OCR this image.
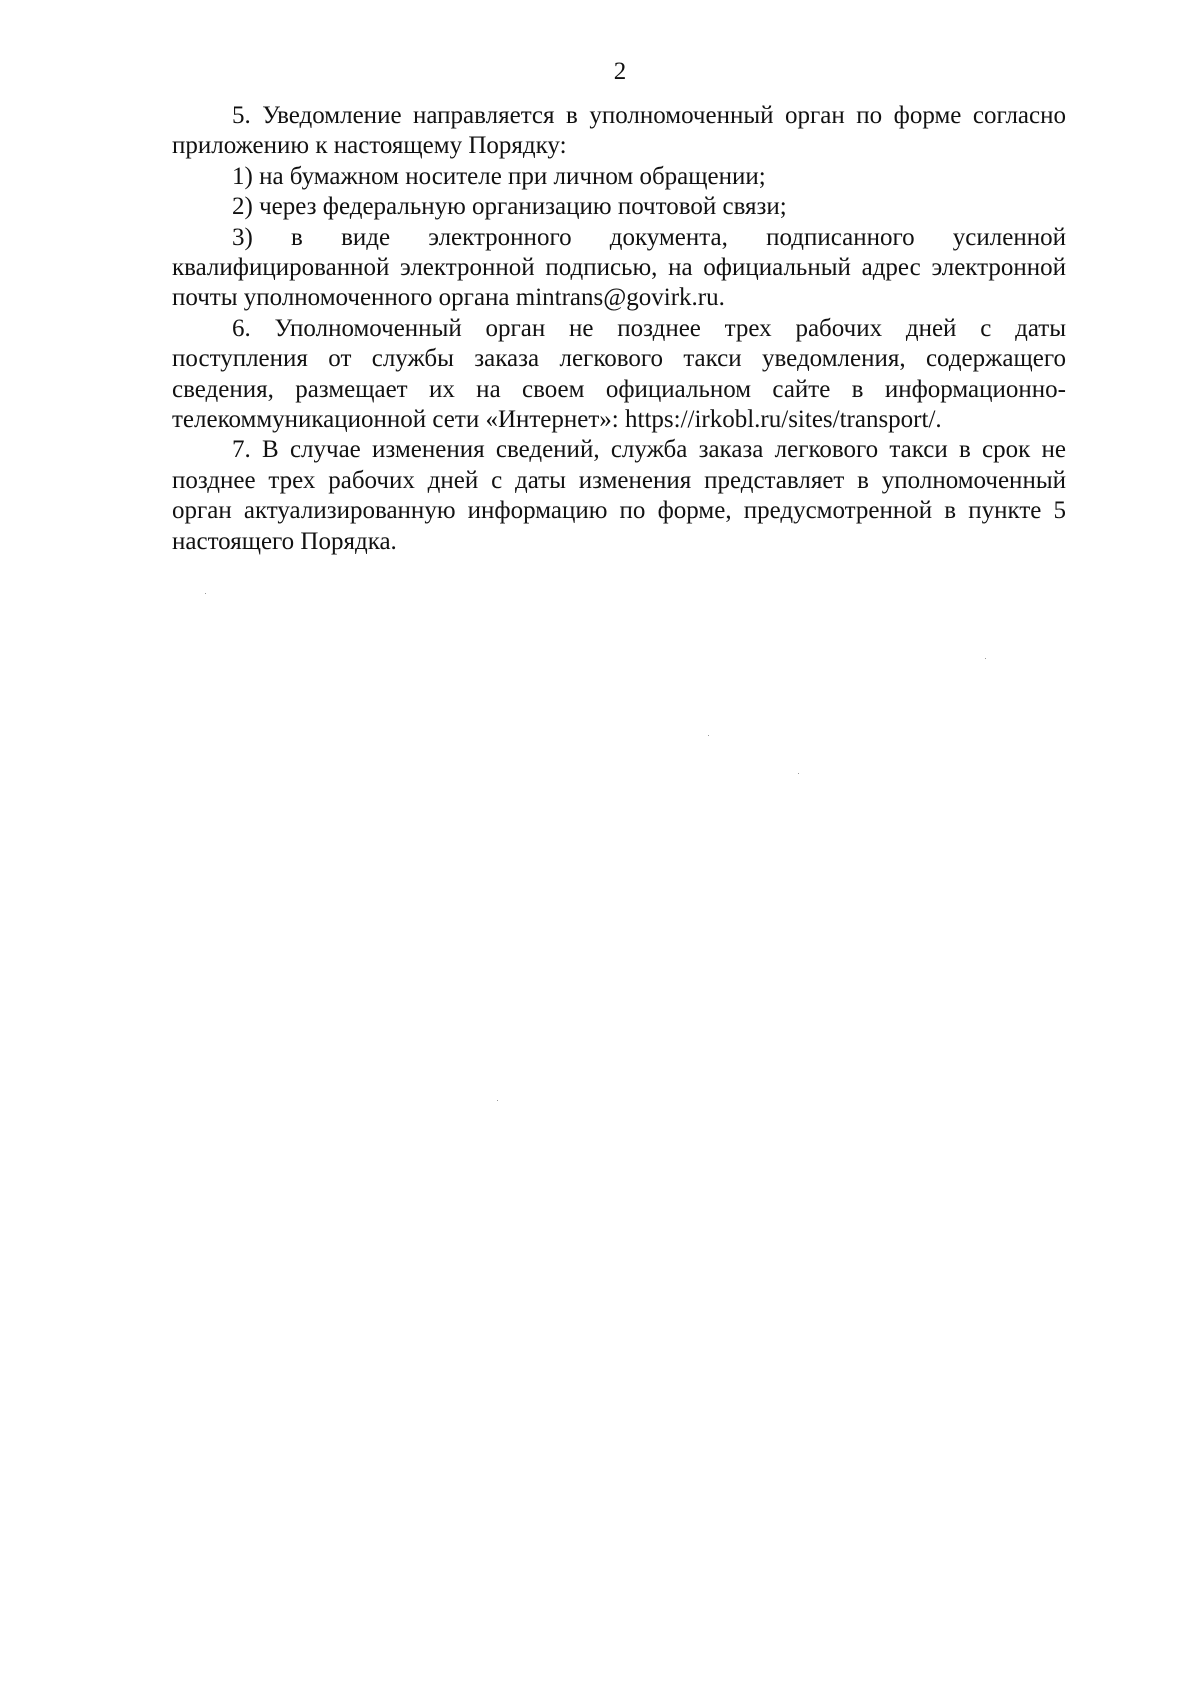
2
5. Уведомление направляется в уполномоченный орган по форме согласно
приложению к настоящему Порядку:
1) на бумажном носителе при личном обращении;
2) через федеральную организацию почтовой связи;
3) в виде электронного документа, подписанного усиленной
квалифицированной электронной подписью, на официальный адрес электронной
почты уполномоченного органа mintrans@govirk.ru.
6. Уполномоченный орган не позднее трех рабочих дней с даты
поступления от службы заказа легкового такси уведомления, содержащего
сведения, размещает их на своем официальном сайте в информационно-
телекоммуникационной сети «Интернет»: https://irkobl.ru/sites/transport/.
7. В случае изменения сведений, служба заказа легкового такси в срок не
позднее трех рабочих дней с даты изменения представляет в уполномоченный
орган актуализированную информацию по форме, предусмотренной в пункте 5
настоящего Порядка.
